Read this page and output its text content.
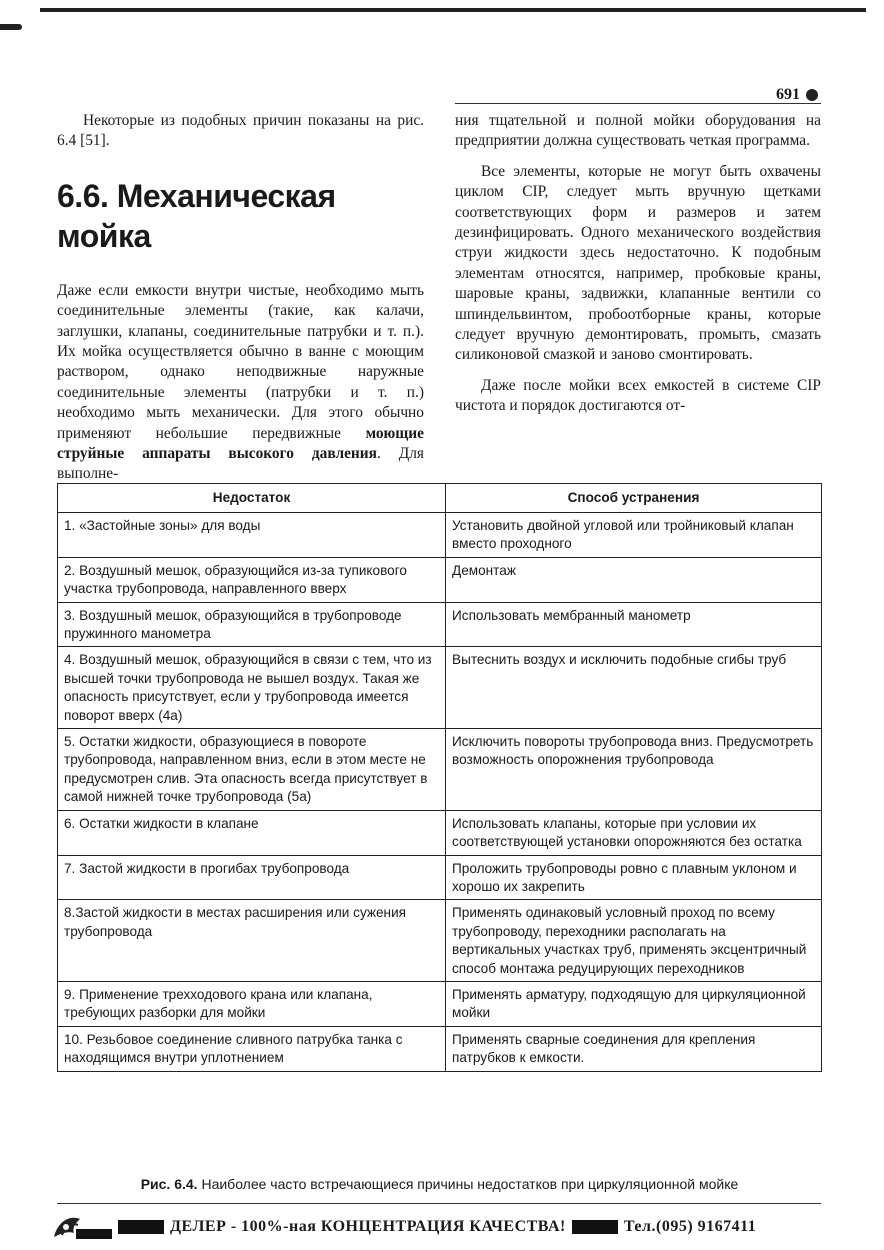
691

Некоторые из подобных причин показаны на рис. 6.4 [51].

6.6. Механическая мойка

Даже если емкости внутри чистые, необходимо мыть соединительные элементы (такие, как калачи, заглушки, клапаны, соединительные патрубки и т. п.). Их мойка осуществляется обычно в ванне с моющим раствором, однако неподвижные наружные соединительные элементы (патрубки и т. п.) необходимо мыть механически. Для этого обычно применяют небольшие передвижные моющие струйные аппараты высокого давления. Для выполне-

ния тщательной и полной мойки оборудования на предприятии должна существовать четкая программа.

Все элементы, которые не могут быть охвачены циклом CIP, следует мыть вручную щетками соответствующих форм и размеров и затем дезинфицировать. Одного механического воздействия струи жидкости здесь недостаточно. К подобным элементам относятся, например, пробковые краны, шаровые краны, задвижки, клапанные вентили со шпиндельвинтом, пробоотборные краны, которые следует вручную демонтировать, промыть, смазать силиконовой смазкой и заново смонтировать.

Даже после мойки всех емкостей в системе CIP чистота и порядок достигаются от-

Недостаток	Способ устранения
1. «Застойные зоны» для воды	Установить двойной угловой или тройниковый клапан вместо проходного
2. Воздушный мешок, образующийся из-за тупикового участка трубопровода, направленного вверх	Демонтаж
3. Воздушный мешок, образующийся в трубопроводе пружинного манометра	Использовать мембранный манометр
4. Воздушный мешок, образующийся в связи с тем, что из высшей точки трубопровода не вышел воздух. Такая же опасность присутствует, если у трубопровода имеется поворот вверх (4а)	Вытеснить воздух и исключить подобные сгибы труб
5. Остатки жидкости, образующиеся в повороте трубопровода, направленном вниз, если в этом месте не предусмотрен слив. Эта опасность всегда присутствует в самой нижней точке трубопровода (5а)	Исключить повороты трубопровода вниз. Предусмотреть возможность опорожнения трубопровода
6. Остатки жидкости в клапане	Использовать клапаны, которые при условии их соответствующей установки опорожняются без остатка
7. Застой жидкости в прогибах трубопровода	Проложить трубопроводы ровно с плавным уклоном и хорошо их закрепить
8.Застой жидкости в местах расширения или сужения трубопровода	Применять одинаковый условный проход по всему трубопроводу, переходники располагать на вертикальных участках труб, применять эксцентричный способ монтажа редуцирующих переходников
9. Применение трехходового крана или клапана, требующих разборки для мойки	Применять арматуру, подходящую для циркуляционной мойки
10. Резьбовое соединение сливного патрубка танка с находящимся внутри уплотнением	Применять сварные соединения для крепления патрубков к емкости.
Рис. 6.4. Наиболее часто встречающиеся причины недостатков при циркуляционной мойке
ДЕЛЕР - 100%-ная КОНЦЕНТРАЦИЯ КАЧЕСТВА!	Тел.(095) 9167411
